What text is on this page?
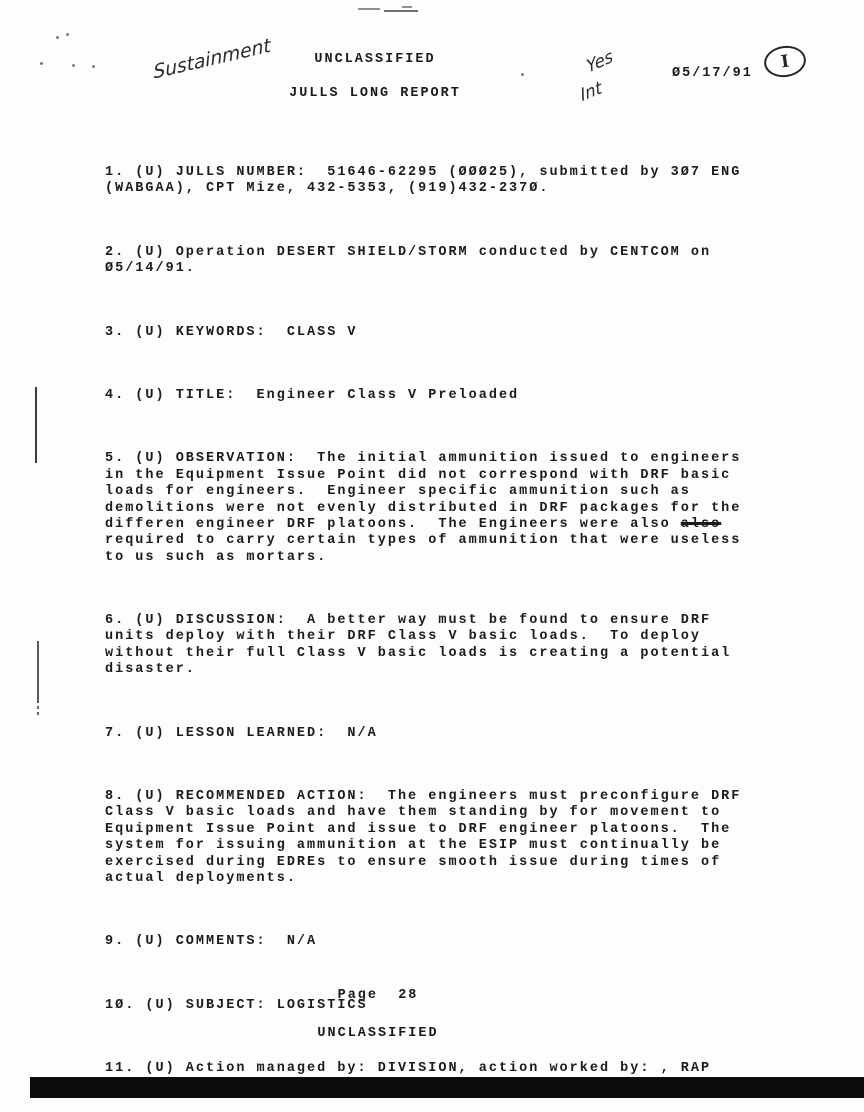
Sustainment	Yes
Int
I
UNCLASSIFIED
JULLS LONG REPORT
Ø5/17/91

1. (U) JULLS NUMBER:  51646-62295 (ØØØ25), submitted by 3Ø7 ENG
(WABGAA), CPT Mize, 432-5353, (919)432-237Ø.

2. (U) Operation DESERT SHIELD/STORM conducted by CENTCOM on
Ø5/14/91.

3. (U) KEYWORDS:  CLASS V

4. (U) TITLE:  Engineer Class V Preloaded

5. (U) OBSERVATION:  The initial ammunition issued to engineers
in the Equipment Issue Point did not correspond with DRF basic
loads for engineers.  Engineer specific ammunition such as
demolitions were not evenly distributed in DRF packages for the
differen engineer DRF platoons.  The Engineers were also also
required to carry certain types of ammunition that were useless
to us such as mortars.

6. (U) DISCUSSION:  A better way must be found to ensure DRF
units deploy with their DRF Class V basic loads.  To deploy
without their full Class V basic loads is creating a potential
disaster.

7. (U) LESSON LEARNED:  N/A

8. (U) RECOMMENDED ACTION:  The engineers must preconfigure DRF
Class V basic loads and have them standing by for movement to
Equipment Issue Point and issue to DRF engineer platoons.  The
system for issuing ammunition at the ESIP must continually be
exercised during EDREs to ensure smooth issue during times of
actual deployments.

9. (U) COMMENTS:  N/A

1Ø. (U) SUBJECT: LOGISTICS

11. (U) Action managed by: DIVISION, action worked by: , RAP

Page  28
UNCLASSIFIED
